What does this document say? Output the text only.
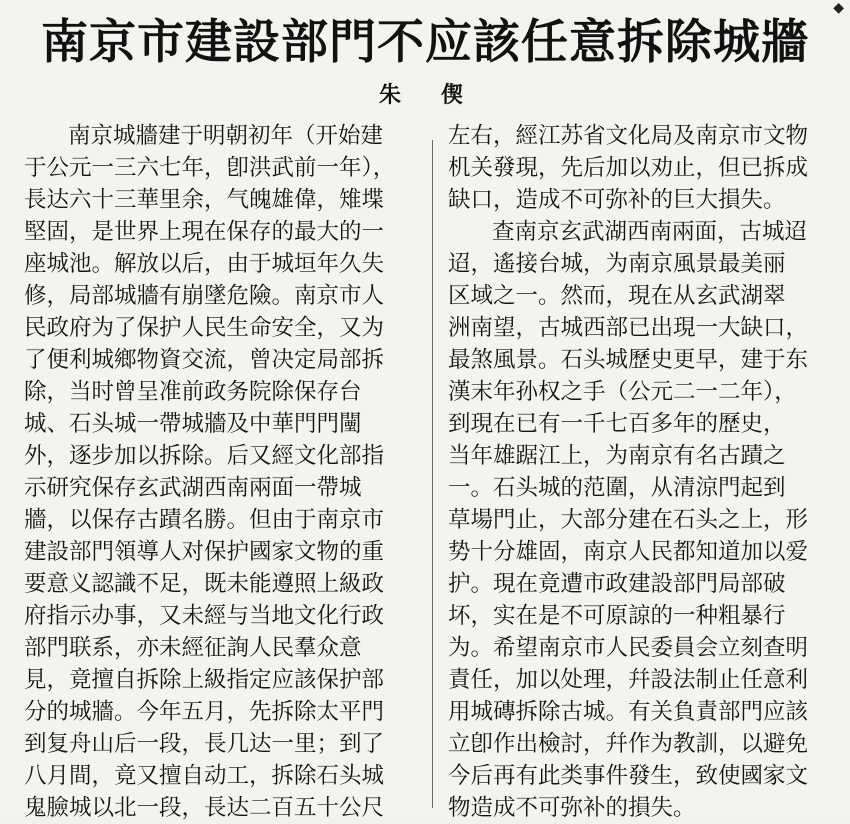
◆
南京市建設部門不应該任意拆除城牆
朱偰
南京城牆建于明朝初年（开始建
于公元一三六七年，卽洪武前一年），
長达六十三華里余，气魄雄偉，雉堞
堅固，是世界上現在保存的最大的一
座城池。解放以后，由于城垣年久失
修，局部城牆有崩墜危險。南京市人
民政府为了保护人民生命安全，又为
了便利城鄉物資交流，曾决定局部拆
除，当时曾呈准前政务院除保存台
城、石头城一帶城牆及中華門門闉
外，逐步加以拆除。后又經文化部指
示研究保存玄武湖西南兩面一帶城
牆，以保存古蹟名勝。但由于南京市
建設部門領導人对保护國家文物的重
要意义認識不足，既未能遵照上級政
府指示办事，又未經与当地文化行政
部門联系，亦未經征詢人民羣众意
見，竟擅自拆除上級指定应該保护部
分的城牆。今年五月，先拆除太平門
到复舟山后一段，長几达一里；到了
八月間，竟又擅自动工，拆除石头城
鬼臉城以北一段，長达二百五十公尺
左右，經江苏省文化局及南京市文物
机关發現，先后加以劝止，但已拆成
缺口，造成不可弥补的巨大損失。
查南京玄武湖西南兩面，古城迢
迢，遙接台城，为南京風景最美丽
区域之一。然而，現在从玄武湖翠
洲南望，古城西部已出現一大缺口，
最煞風景。石头城歷史更早，建于东
漢末年孙权之手（公元二一二年），
到現在已有一千七百多年的歷史，
当年雄踞江上，为南京有名古蹟之
一。石头城的范圍，从清涼門起到
草場門止，大部分建在石头之上，形
势十分雄固，南京人民都知道加以爱
护。現在竟遭市政建設部門局部破
坏，实在是不可原諒的一种粗暴行
为。希望南京市人民委員会立刻查明
責任，加以处理，幷設法制止任意利
用城磚拆除古城。有关負責部門应該
立卽作出檢討，幷作为教訓，以避免
今后再有此类事件發生，致使國家文
物造成不可弥补的損失。
